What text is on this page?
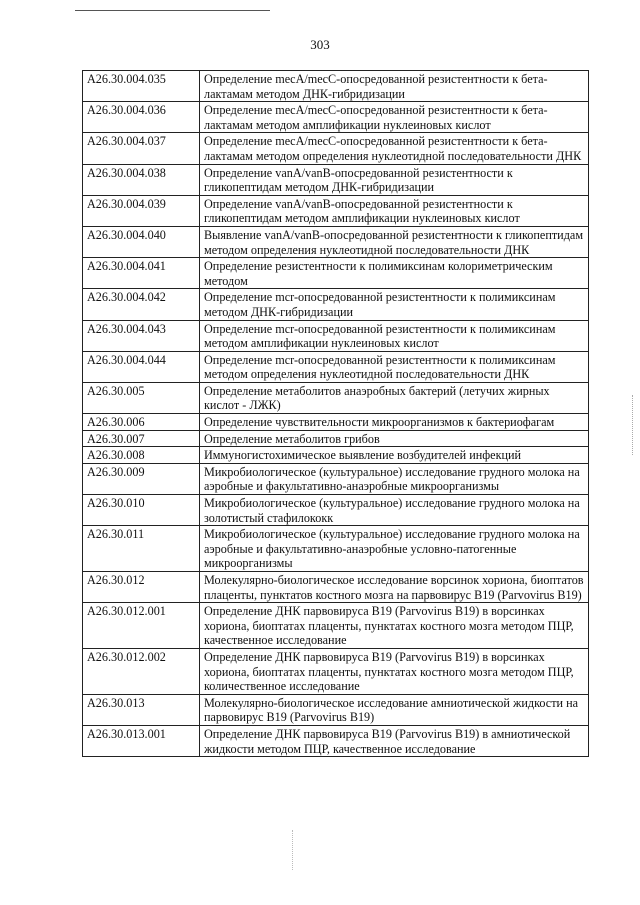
303
A26.30.004.035	Определение mecA/mecC-опосредованной резистентности к бета-лактамам методом ДНК-гибридизации
A26.30.004.036	Определение mecA/mecC-опосредованной резистентности к бета-лактамам методом амплификации нуклеиновых кислот
A26.30.004.037	Определение mecA/mecC-опосредованной резистентности к бета-лактамам методом определения нуклеотидной последовательности ДНК
A26.30.004.038	Определение vanA/vanB-опосредованной резистентности к гликопептидам методом ДНК-гибридизации
A26.30.004.039	Определение vanA/vanB-опосредованной резистентности к гликопептидам методом амплификации нуклеиновых кислот
A26.30.004.040	Выявление vanA/vanB-опосредованной резистентности к гликопептидам методом определения нуклеотидной последовательности ДНК
A26.30.004.041	Определение резистентности к полимиксинам колориметрическим методом
A26.30.004.042	Определение mcr-опосредованной резистентности к полимиксинам методом ДНК-гибридизации
A26.30.004.043	Определение mcr-опосредованной резистентности к полимиксинам методом амплификации нуклеиновых кислот
A26.30.004.044	Определение mcr-опосредованной резистентности к полимиксинам методом определения нуклеотидной последовательности ДНК
A26.30.005	Определение метаболитов анаэробных бактерий (летучих жирных кислот - ЛЖК)
A26.30.006	Определение чувствительности микроорганизмов к бактериофагам
A26.30.007	Определение метаболитов грибов
A26.30.008	Иммуногистохимическое выявление возбудителей инфекций
A26.30.009	Микробиологическое (культуральное) исследование грудного молока на аэробные и факультативно-анаэробные микроорганизмы
A26.30.010	Микробиологическое (культуральное) исследование грудного молока на золотистый стафилококк
A26.30.011	Микробиологическое (культуральное) исследование грудного молока на аэробные и факультативно-анаэробные условно-патогенные микроорганизмы
A26.30.012	Молекулярно-биологическое исследование ворсинок хориона, биоптатов плаценты, пунктатов костного мозга на парвовирус B19 (Parvovirus B19)
A26.30.012.001	Определение ДНК парвовируса B19 (Parvovirus B19) в ворсинках хориона, биоптатах плаценты, пунктатах костного мозга методом ПЦР, качественное исследование
A26.30.012.002	Определение ДНК парвовируса B19 (Parvovirus B19) в ворсинках хориона, биоптатах плаценты, пунктатах костного мозга методом ПЦР, количественное исследование
A26.30.013	Молекулярно-биологическое исследование амниотической жидкости на парвовирус B19 (Parvovirus B19)
A26.30.013.001	Определение ДНК парвовируса B19 (Parvovirus B19) в амниотической жидкости методом ПЦР, качественное исследование
